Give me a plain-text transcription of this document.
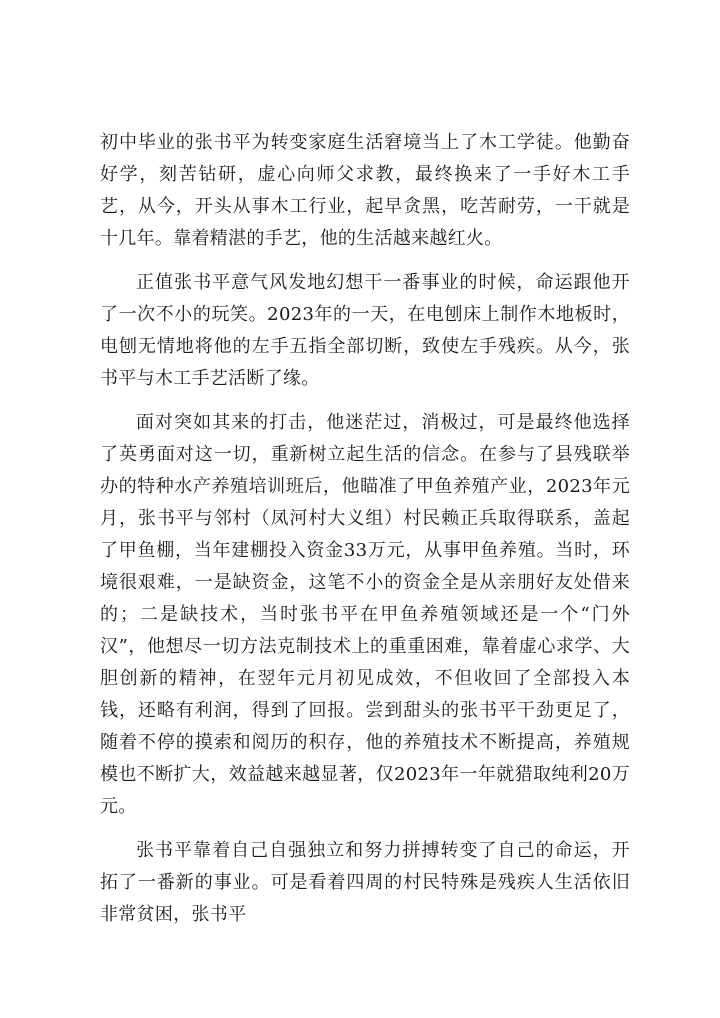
初中毕业的张书平为转变家庭生活窘境当上了木工学徒。他勤奋好学，刻苦钻研，虚心向师父求教，最终换来了一手好木工手艺，从今，开头从事木工行业，起早贪黑，吃苦耐劳，一干就是十几年。靠着精湛的手艺，他的生活越来越红火。

正值张书平意气风发地幻想干一番事业的时候，命运跟他开了一次不小的玩笑。2023年的一天，在电刨床上制作木地板时，电刨无情地将他的左手五指全部切断，致使左手残疾。从今，张书平与木工手艺活断了缘。

面对突如其来的打击，他迷茫过，消极过，可是最终他选择了英勇面对这一切，重新树立起生活的信念。在参与了县残联举办的特种水产养殖培训班后，他瞄准了甲鱼养殖产业，2023年元月，张书平与邻村（凤河村大义组）村民赖正兵取得联系，盖起了甲鱼棚，当年建棚投入资金33万元，从事甲鱼养殖。当时，环境很艰难，一是缺资金，这笔不小的资金全是从亲朋好友处借来的；二是缺技术，当时张书平在甲鱼养殖领域还是一个“门外汉”，他想尽一切方法克制技术上的重重困难，靠着虚心求学、大胆创新的精神，在翌年元月初见成效，不但收回了全部投入本钱，还略有利润，得到了回报。尝到甜头的张书平干劲更足了，随着不停的摸索和阅历的积存，他的养殖技术不断提高，养殖规模也不断扩大，效益越来越显著，仅2023年一年就猎取纯利20万元。

张书平靠着自己自强独立和努力拼搏转变了自己的命运，开拓了一番新的事业。可是看着四周的村民特殊是残疾人生活依旧非常贫困，张书平
